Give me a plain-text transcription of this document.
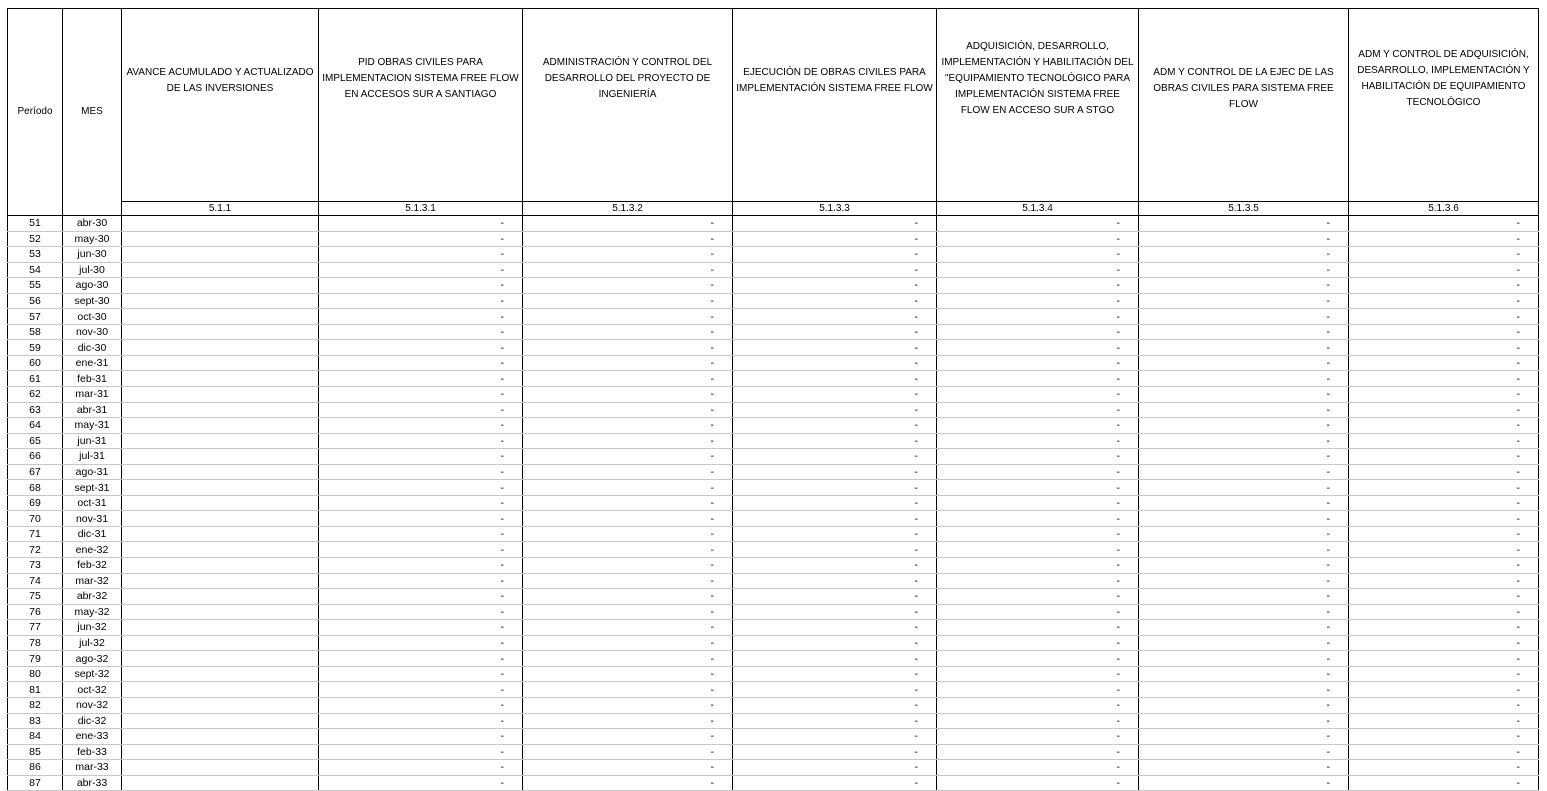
Período	MES	AVANCE ACUMULADO Y ACTUALIZADO DE LAS INVERSIONES	PID OBRAS CIVILES PARA IMPLEMENTACION SISTEMA FREE FLOW EN ACCESOS SUR A SANTIAGO	ADMINISTRACIÓN Y CONTROL DEL DESARROLLO DEL PROYECTO DE INGENIERÍA	EJECUCIÓN DE OBRAS CIVILES PARA IMPLEMENTACIÓN SISTEMA FREE FLOW	ADQUISICIÓN, DESARROLLO, IMPLEMENTACIÓN Y HABILITACIÓN DEL "EQUIPAMIENTO TECNOLÓGICO PARA IMPLEMENTACIÓN SISTEMA FREE FLOW EN ACCESO SUR A STGO	ADM Y CONTROL DE LA EJEC DE LAS OBRAS CIVILES PARA SISTEMA FREE FLOW	ADM Y CONTROL DE ADQUISICIÓN, DESARROLLO, IMPLEMENTACIÓN Y HABILITACIÓN DE EQUIPAMIENTO TECNOLÓGICO
		5.1.1	5.1.3.1	5.1.3.2	5.1.3.3	5.1.3.4	5.1.3.5	5.1.3.6
51	abr-30		-	-	-	-	-	-
52	may-30		-	-	-	-	-	-
53	jun-30		-	-	-	-	-	-
54	jul-30		-	-	-	-	-	-
55	ago-30		-	-	-	-	-	-
56	sept-30		-	-	-	-	-	-
57	oct-30		-	-	-	-	-	-
58	nov-30		-	-	-	-	-	-
59	dic-30		-	-	-	-	-	-
60	ene-31		-	-	-	-	-	-
61	feb-31		-	-	-	-	-	-
62	mar-31		-	-	-	-	-	-
63	abr-31		-	-	-	-	-	-
64	may-31		-	-	-	-	-	-
65	jun-31		-	-	-	-	-	-
66	jul-31		-	-	-	-	-	-
67	ago-31		-	-	-	-	-	-
68	sept-31		-	-	-	-	-	-
69	oct-31		-	-	-	-	-	-
70	nov-31		-	-	-	-	-	-
71	dic-31		-	-	-	-	-	-
72	ene-32		-	-	-	-	-	-
73	feb-32		-	-	-	-	-	-
74	mar-32		-	-	-	-	-	-
75	abr-32		-	-	-	-	-	-
76	may-32		-	-	-	-	-	-
77	jun-32		-	-	-	-	-	-
78	jul-32		-	-	-	-	-	-
79	ago-32		-	-	-	-	-	-
80	sept-32		-	-	-	-	-	-
81	oct-32		-	-	-	-	-	-
82	nov-32		-	-	-	-	-	-
83	dic-32		-	-	-	-	-	-
84	ene-33		-	-	-	-	-	-
85	feb-33		-	-	-	-	-	-
86	mar-33		-	-	-	-	-	-
87	abr-33		-	-	-	-	-	-
